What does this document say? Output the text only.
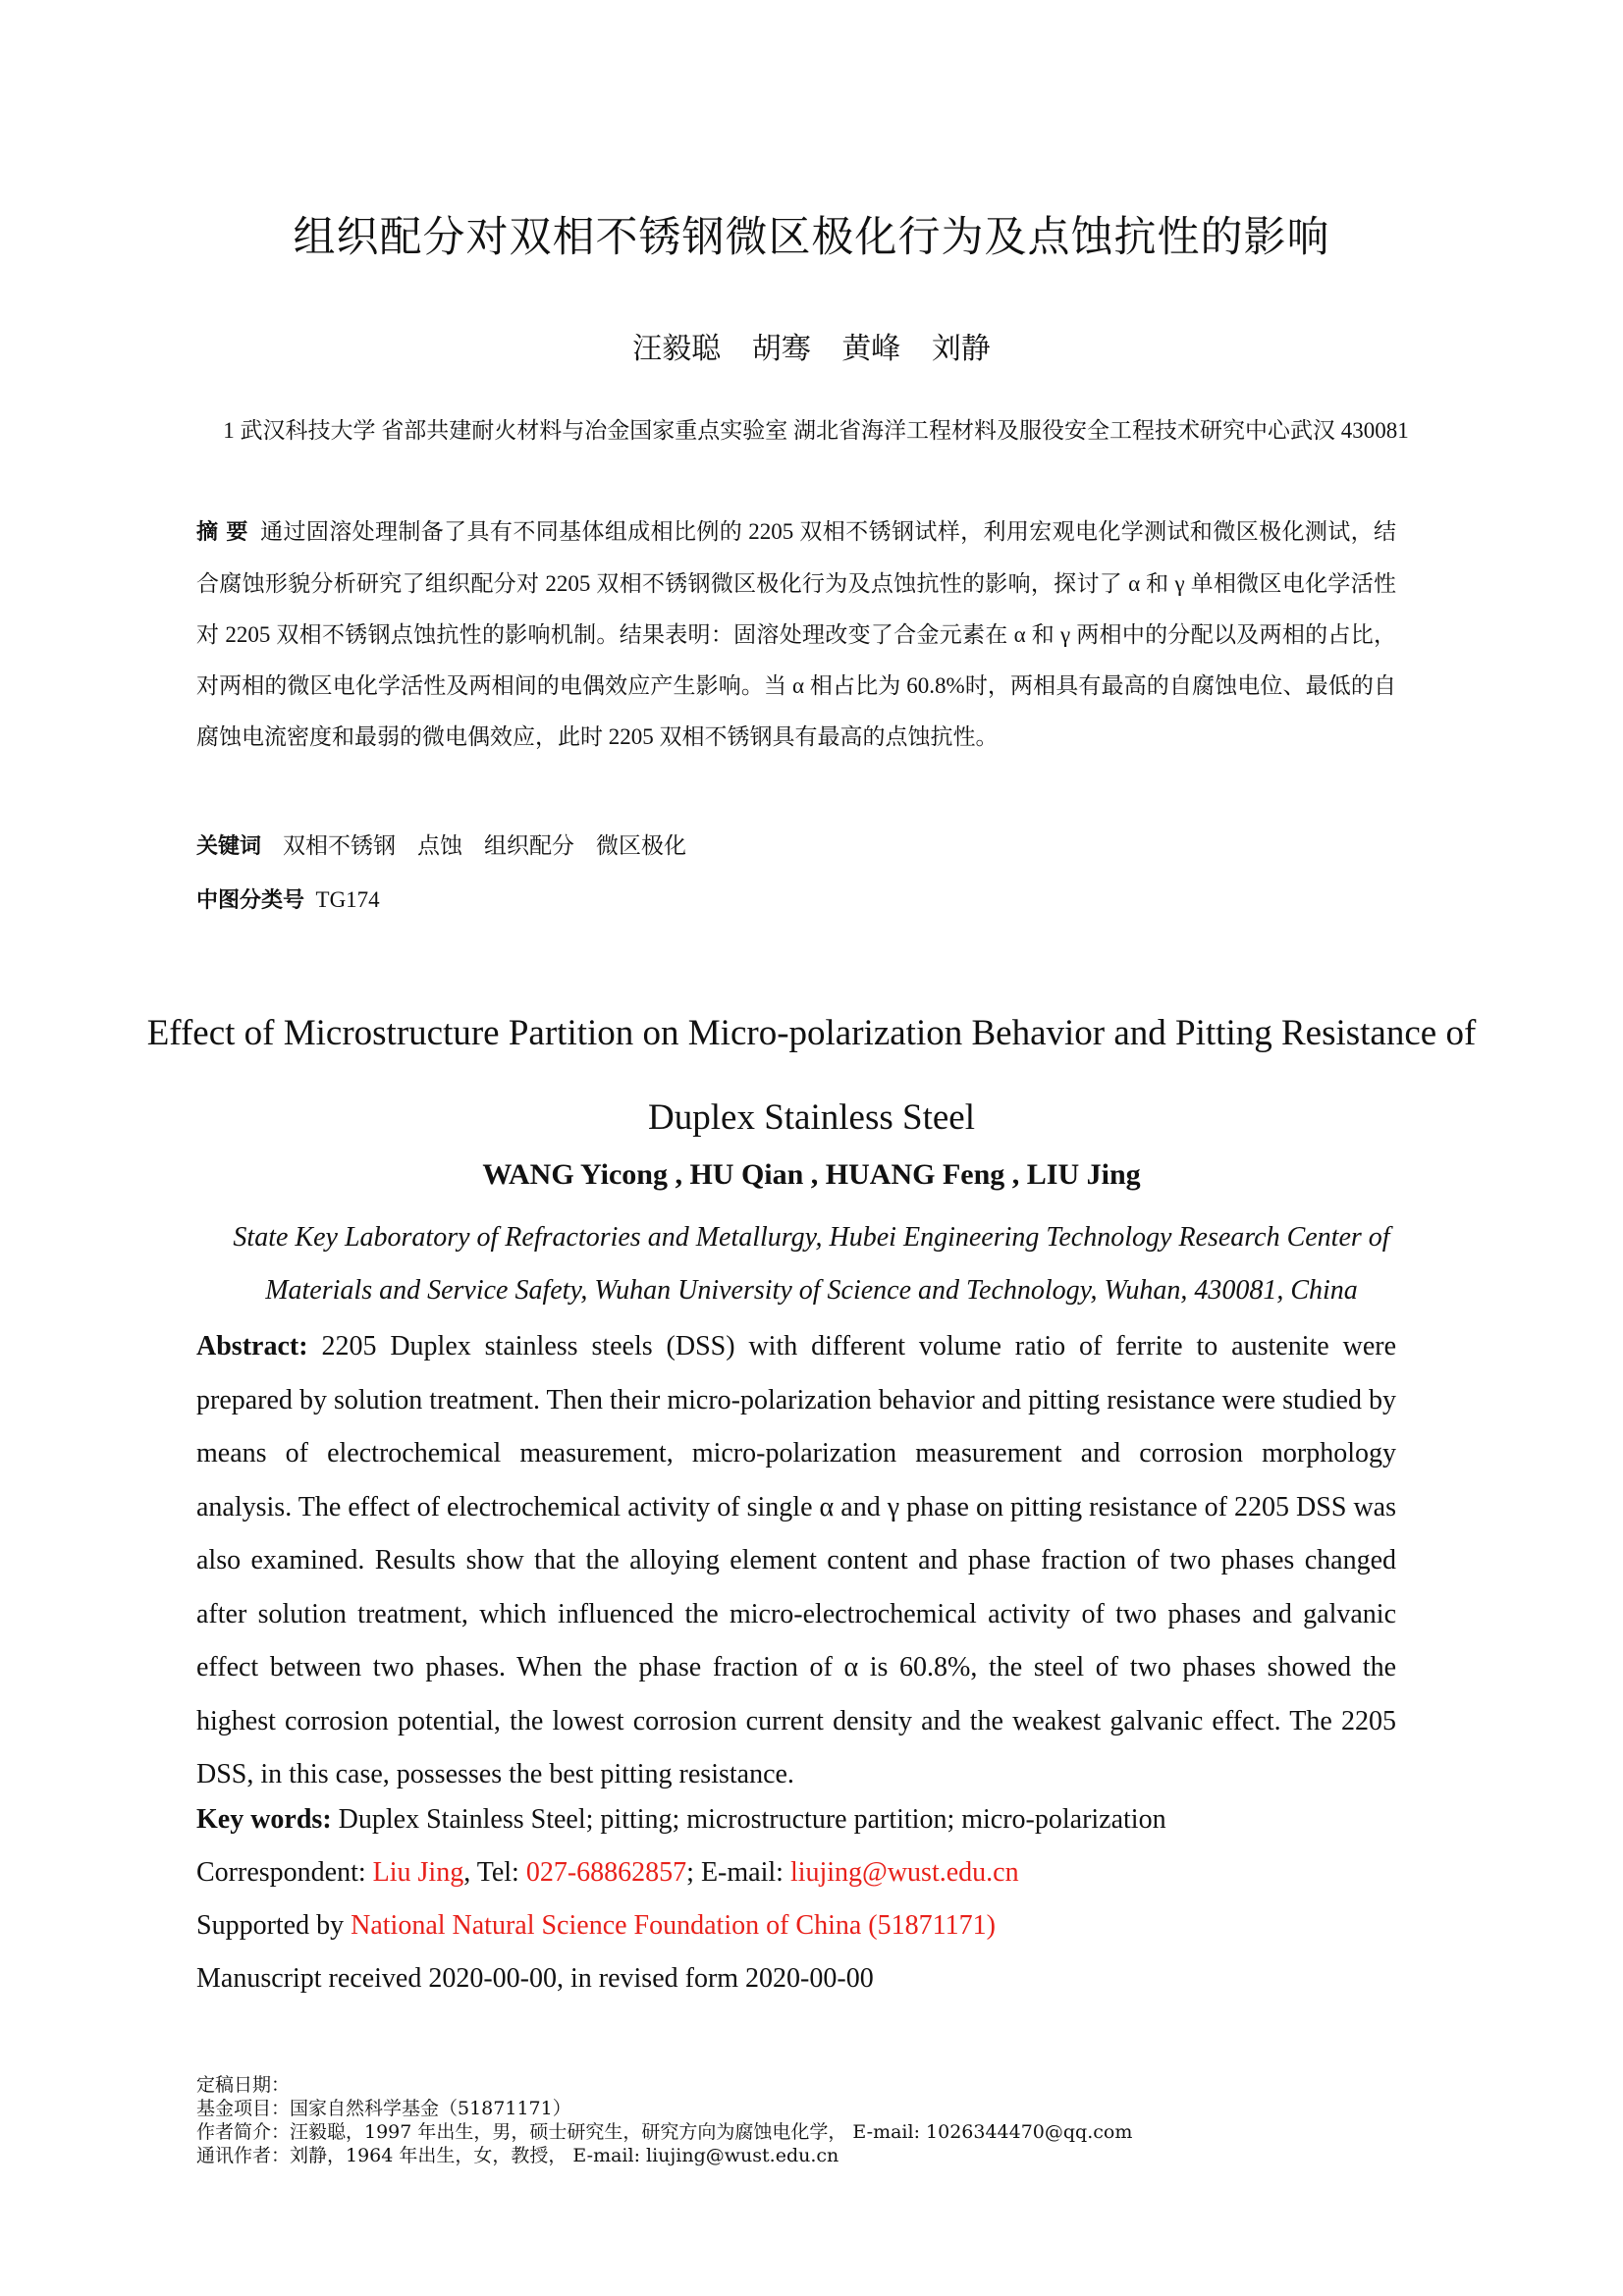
组织配分对双相不锈钢微区极化行为及点蚀抗性的影响
汪毅聪 胡骞 黄峰 刘静
1 武汉科技大学 省部共建耐火材料与冶金国家重点实验室 湖北省海洋工程材料及服役安全工程技术研究中心武汉 430081
摘 要 通过固溶处理制备了具有不同基体组成相比例的 2205 双相不锈钢试样，利用宏观电化学测试和微区极化测试，结合腐蚀形貌分析研究了组织配分对 2205 双相不锈钢微区极化行为及点蚀抗性的影响，探讨了 α 和 γ 单相微区电化学活性对 2205 双相不锈钢点蚀抗性的影响机制。结果表明：固溶处理改变了合金元素在 α 和 γ 两相中的分配以及两相的占比，对两相的微区电化学活性及两相间的电偶效应产生影响。当 α 相占比为 60.8%时，两相具有最高的自腐蚀电位、最低的自腐蚀电流密度和最弱的微电偶效应，此时 2205 双相不锈钢具有最高的点蚀抗性。
关键词 双相不锈钢 点蚀 组织配分 微区极化
中图分类号 TG174
Effect of Microstructure Partition on Micro-polarization Behavior and Pitting Resistance of Duplex Stainless Steel
WANG Yicong , HU Qian , HUANG Feng , LIU Jing
State Key Laboratory of Refractories and Metallurgy, Hubei Engineering Technology Research Center of Materials and Service Safety, Wuhan University of Science and Technology, Wuhan, 430081, China
Abstract: 2205 Duplex stainless steels (DSS) with different volume ratio of ferrite to austenite were prepared by solution treatment. Then their micro-polarization behavior and pitting resistance were studied by means of electrochemical measurement, micro-polarization measurement and corrosion morphology analysis. The effect of electrochemical activity of single α and γ phase on pitting resistance of 2205 DSS was also examined. Results show that the alloying element content and phase fraction of two phases changed after solution treatment, which influenced the micro-electrochemical activity of two phases and galvanic effect between two phases. When the phase fraction of α is 60.8%, the steel of two phases showed the highest corrosion potential, the lowest corrosion current density and the weakest galvanic effect. The 2205 DSS, in this case, possesses the best pitting resistance.
Key words: Duplex Stainless Steel; pitting; microstructure partition; micro-polarization
Correspondent: Liu Jing, Tel: 027-68862857; E-mail: liujing@wust.edu.cn
Supported by National Natural Science Foundation of China (51871171)
Manuscript received 2020-00-00, in revised form 2020-00-00
定稿日期：
基金项目：国家自然科学基金（51871171）
作者简介：汪毅聪，1997 年出生，男，硕士研究生，研究方向为腐蚀电化学， E-mail: 1026344470@qq.com
通讯作者：刘静，1964 年出生，女，教授， E-mail: liujing@wust.edu.cn
